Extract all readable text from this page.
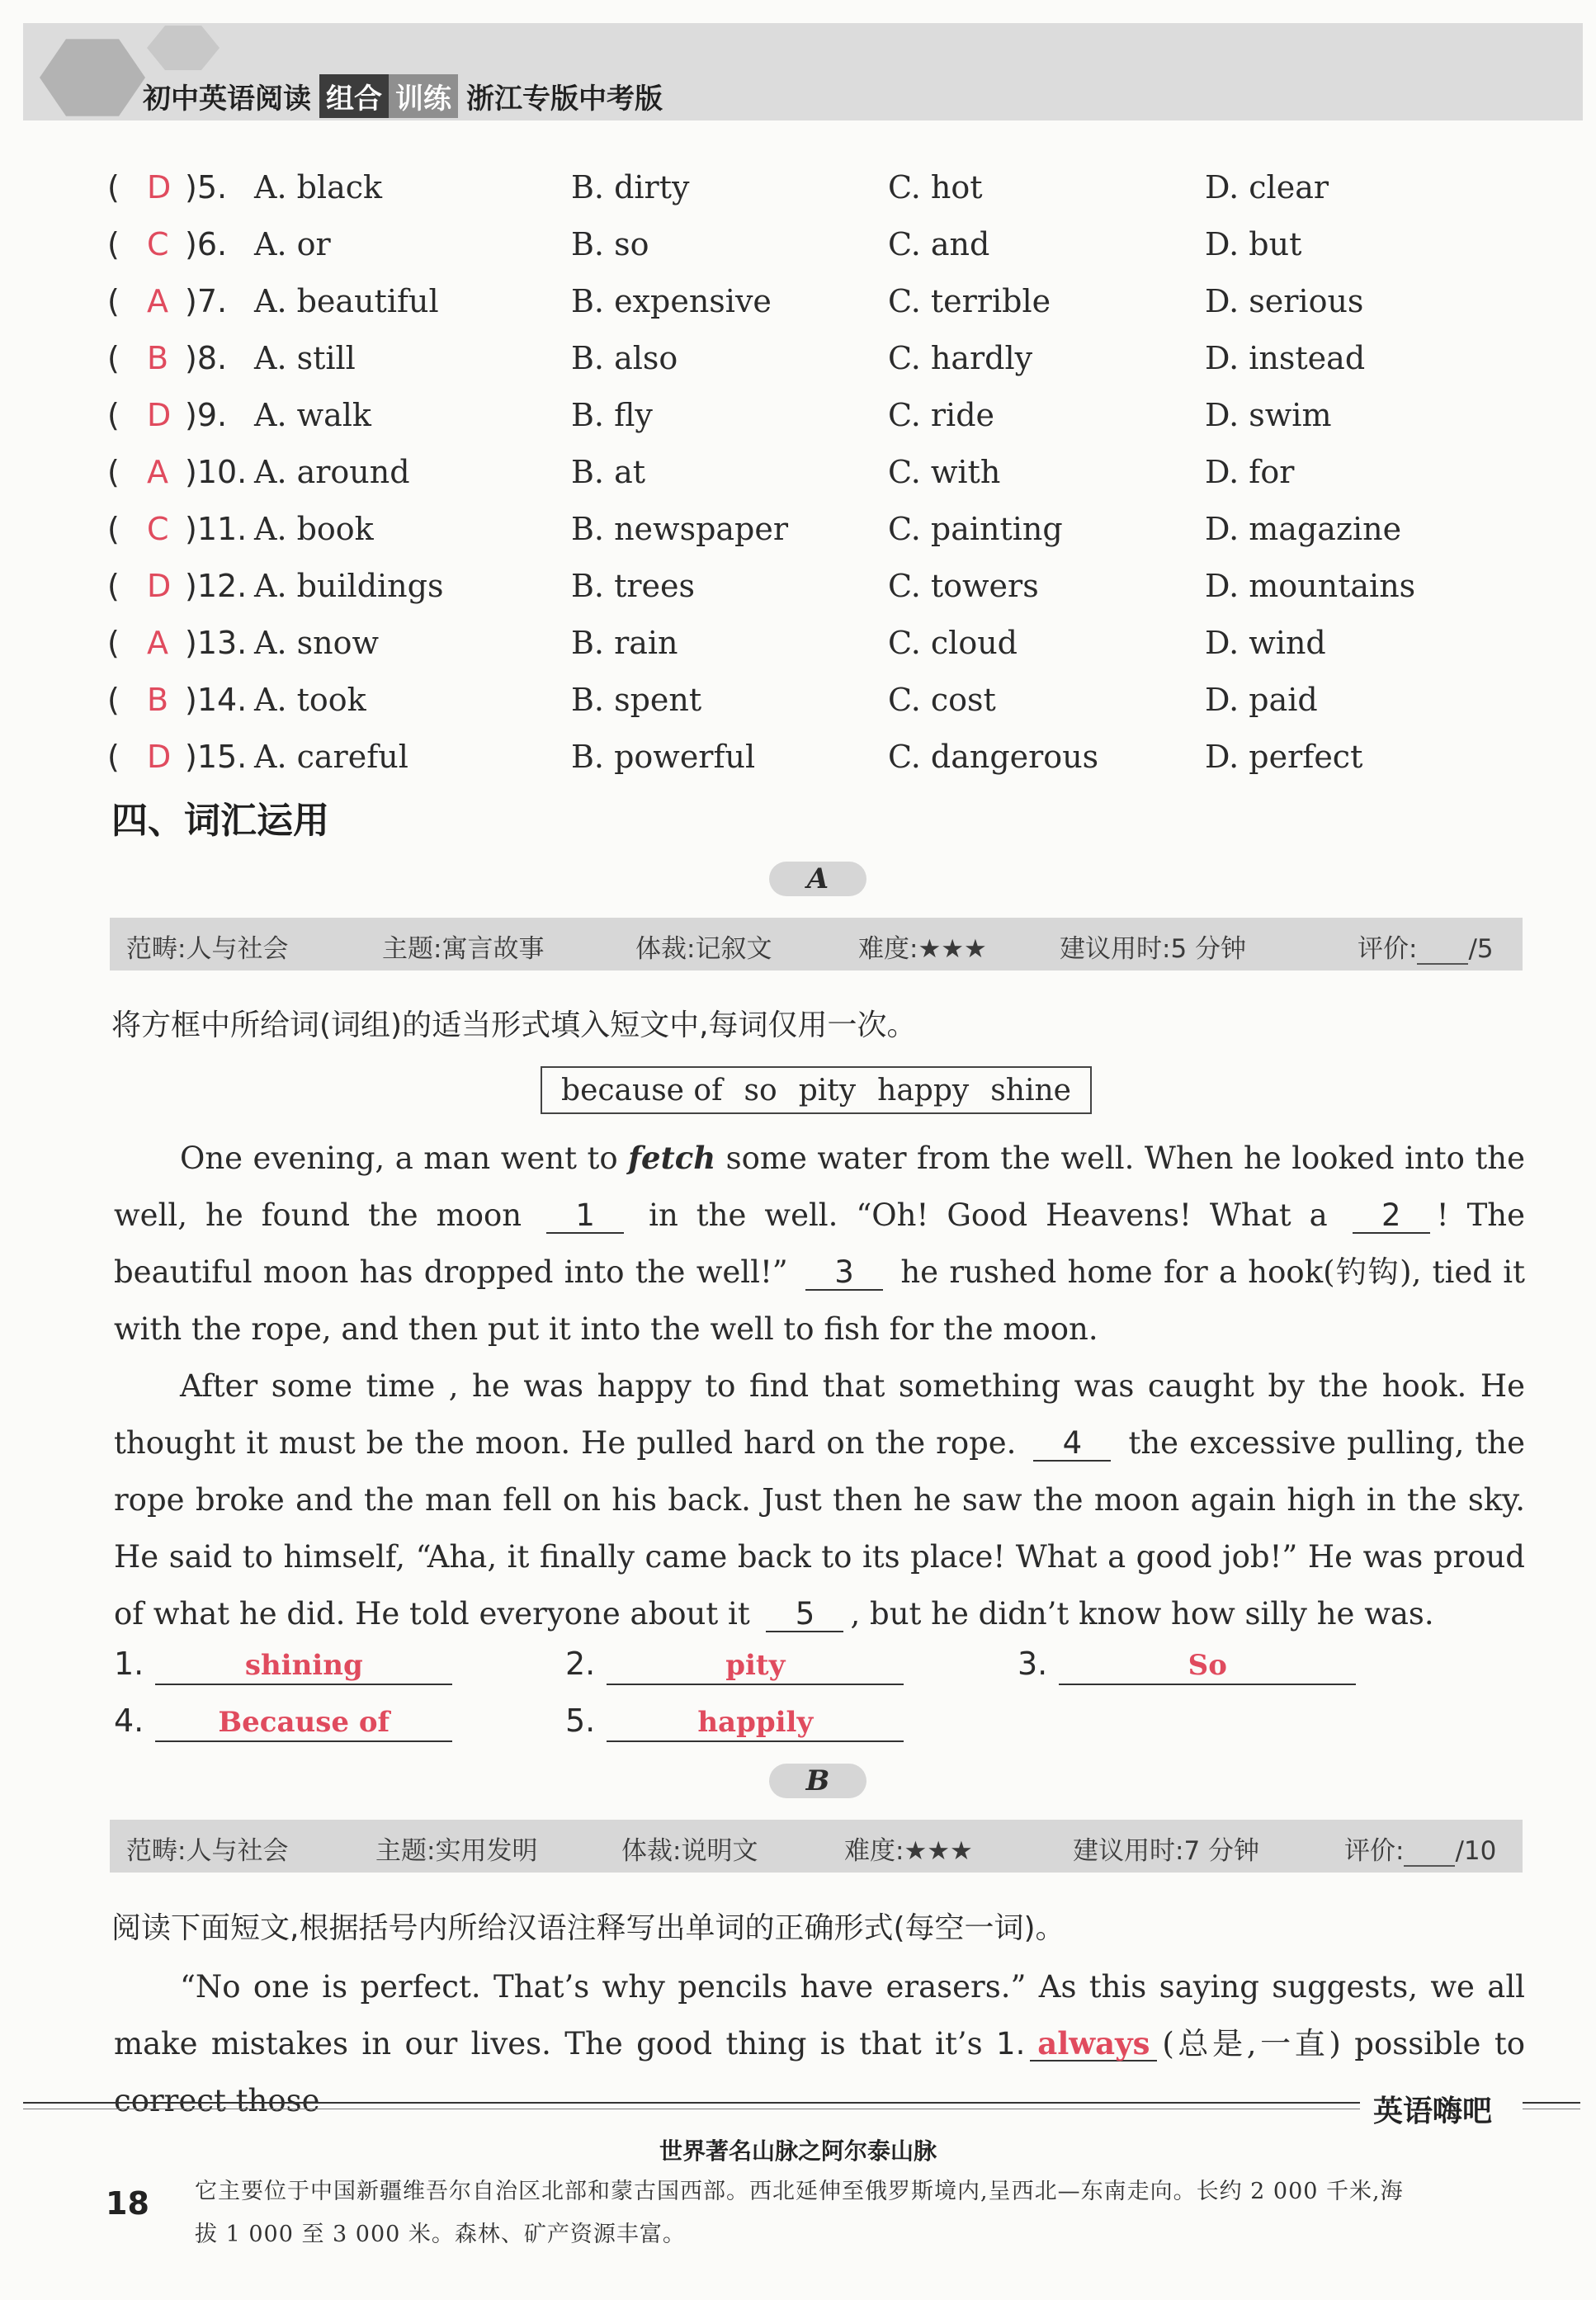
初中英语阅读 组合 训练 浙江专版中考版
( D )5. A. black	B. dirty	C. hot	D. clear
( C )6. A. or	B. so	C. and	D. but
( A )7. A. beautiful	B. expensive	C. terrible	D. serious
( B )8. A. still	B. also	C. hardly	D. instead
( D )9. A. walk	B. fly	C. ride	D. swim
( A )10. A. around	B. at	C. with	D. for
( C )11. A. book	B. newspaper	C. painting	D. magazine
( D )12. A. buildings	B. trees	C. towers	D. mountains
( A )13. A. snow	B. rain	C. cloud	D. wind
( B )14. A. took	B. spent	C. cost	D. paid
( D )15. A. careful	B. powerful	C. dangerous	D. perfect
四、词汇运用
A
范畴:人与社会	主题:寓言故事	体裁:记叙文	难度:★★★	建议用时:5 分钟	评价: /5
将方框中所给词(词组)的适当形式填入短文中,每词仅用一次。
because of so pity happy shine
One evening, a man went to fetch some water from the well. When he looked into the well, he found the moon 1 in the well. “Oh! Good Heavens! What a 2 ! The beautiful moon has dropped into the well!” 3 he rushed home for a hook(钓钩), tied it with the rope, and then put it into the well to fish for the moon.
After some time , he was happy to find that something was caught by the hook. He thought it must be the moon. He pulled hard on the rope. 4 the excessive pulling, the rope broke and the man fell on his back. Just then he saw the moon again high in the sky. He said to himself, “Aha, it finally came back to its place! What a good job!” He was proud of what he did. He told everyone about it 5 , but he didn’t know how silly he was.
1.	shining	2.	pity	3.	So
4.	Because of	5.	happily
B
范畴:人与社会	主题:实用发明	体裁:说明文	难度:★★★	建议用时:7 分钟	评价: /10
阅读下面短文,根据括号内所给汉语注释写出单词的正确形式(每空一词)。
“No one is perfect. That’s why pencils have erasers.” As this saying suggests, we all make mistakes in our lives. The good thing is that it’s 1. always (总是,一直) possible to correct those	英语嗨吧
世界著名山脉之阿尔泰山脉
它主要位于中国新疆维吾尔自治区北部和蒙古国西部。西北延伸至俄罗斯境内,呈西北—东南走向。长约 2 000 千米,海拔 1 000 至 3 000 米。森林、矿产资源丰富。
18
